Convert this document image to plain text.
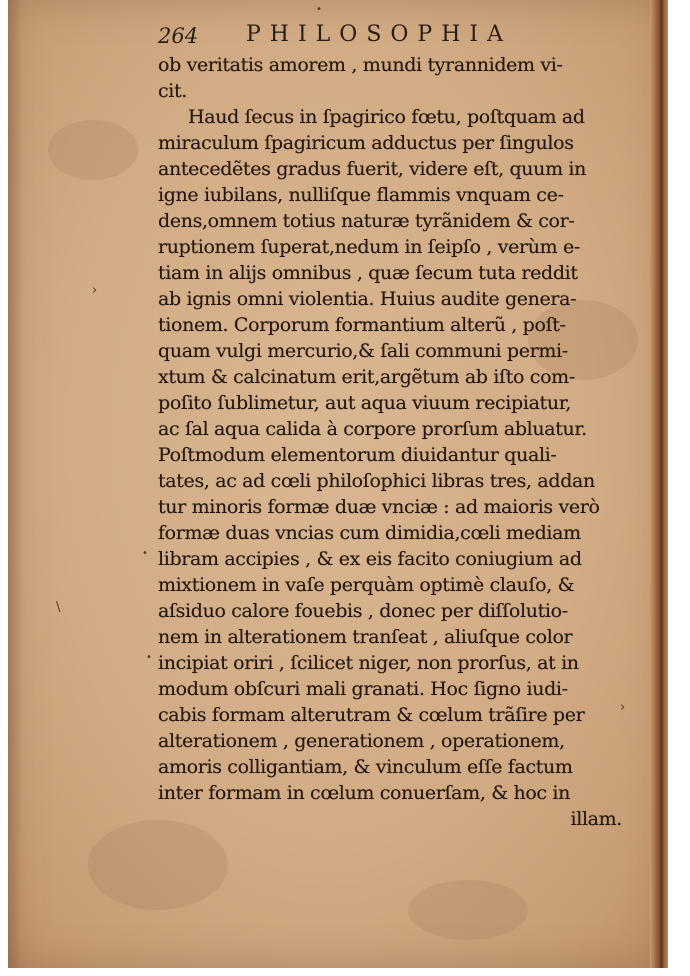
•
›
\
•
•
›
264 PHILOSOPHIA
ob veritatis amorem , mundi tyrannidem vi-
cit.
Haud ſecus in ſpagirico fœtu, poſtquam ad
miraculum ſpagiricum adductus per ſingulos
antecedẽtes gradus fuerit, videre eſt, quum in
igne iubilans, nulliſque flammis vnquam ce-
dens,omnem totius naturæ tyrãnidem & cor-
ruptionem ſuperat,nedum in ſeipſo , verùm e-
tiam in alijs omnibus , quæ ſecum tuta reddit
ab ignis omni violentia. Huius audite genera-
tionem. Corporum formantium alterũ , poſt-
quam vulgi mercurio,& ſali communi permi-
xtum & calcinatum erit,argẽtum ab iſto com-
poſito ſublimetur, aut aqua viuum recipiatur,
ac ſal aqua calida à corpore prorſum abluatur.
Poſtmodum elementorum diuidantur quali-
tates, ac ad cœli philoſophici libras tres, addan
tur minoris formæ duæ vnciæ : ad maioris verò
formæ duas vncias cum dimidia,cœli mediam
libram accipies , & ex eis facito coniugium ad
mixtionem in vaſe perquàm optimè clauſo, &
aſsiduo calore fouebis , donec per diſſolutio-
nem in alterationem tranſeat , aliuſque color
incipiat oriri , ſcilicet niger, non prorſus, at in
modum obſcuri mali granati. Hoc ſigno iudi-
cabis formam alterutram & cœlum trãſire per
alterationem , generationem , operationem,
amoris colligantiam, & vinculum eſſe factum
inter formam in cœlum conuerſam, & hoc in
illam.
